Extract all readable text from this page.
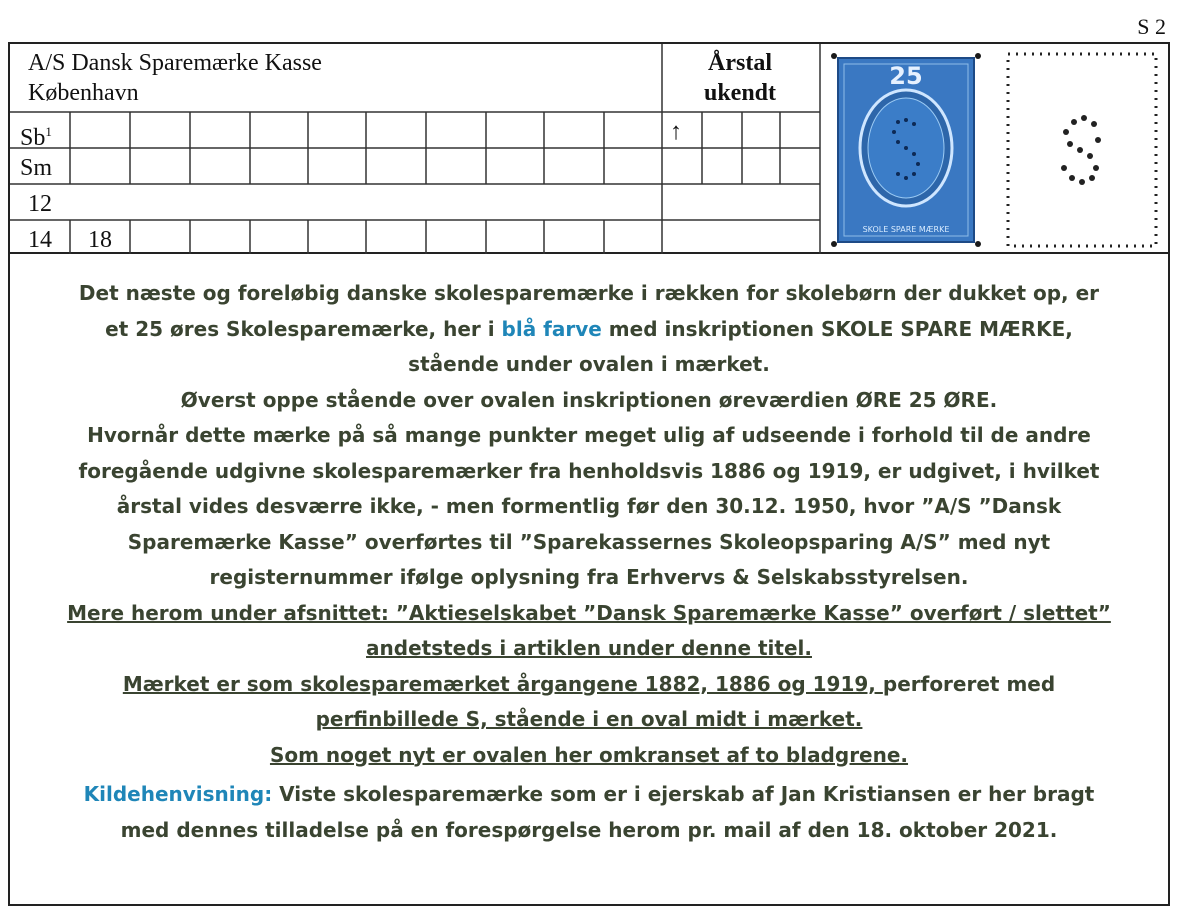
S 2
A/S Dansk Sparemærke Kasse
København
Årstal
ukendt
Sb$^1$	↑
Sm
12
14 18
25
SKOLE SPARE MÆRKE

Det næste og foreløbig danske skolesparemærke i rækken for skolebørn der dukket op, er

et 25 øres Skolesparemærke, her i blå farve med inskriptionen SKOLE SPARE MÆRKE,

stående under ovalen i mærket.

Øverst oppe stående over ovalen inskriptionen øreværdien ØRE 25 ØRE.

Hvornår dette mærke på så mange punkter meget ulig af udseende i forhold til de andre

foregående udgivne skolesparemærker fra henholdsvis 1886 og 1919, er udgivet, i hvilket

årstal vides desværre ikke, - men formentlig før den 30.12. 1950, hvor ”A/S ”Dansk

Sparemærke Kasse” overførtes til ”Sparekassernes Skoleopsparing A/S” med nyt

registernummer ifølge oplysning fra Erhvervs & Selskabsstyrelsen.

Mere herom under afsnittet: ”Aktieselskabet ”Dansk Sparemærke Kasse” overført / slettet”

andetsteds i artiklen under denne titel.

Mærket er som skolesparemærket årgangene 1882, 1886 og 1919, perforeret med

perfinbillede S, stående i en oval midt i mærket.

Som noget nyt er ovalen her omkranset af to bladgrene.

Kildehenvisning: Viste skolesparemærke som er i ejerskab af Jan Kristiansen er her bragt

med dennes tilladelse på en forespørgelse herom pr. mail af den 18. oktober 2021.
